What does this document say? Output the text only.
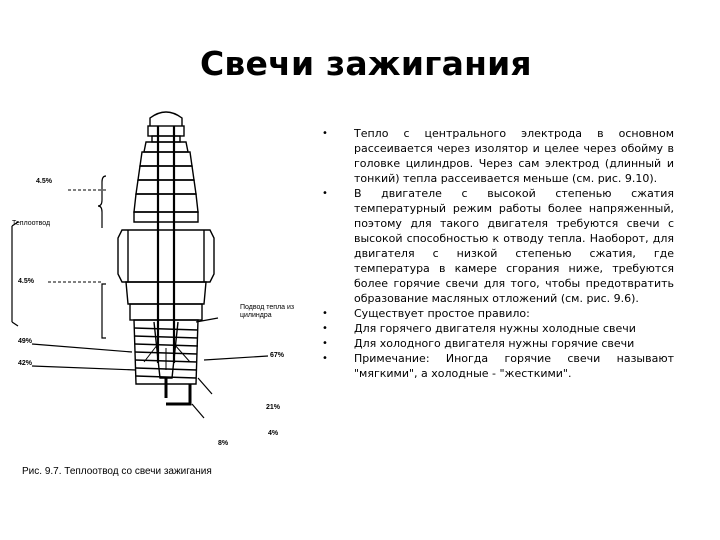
Свечи зажигания
4.5%
Теплоотвод
4.5%
Подвод тепла из цилиндра
49%
42%
67%
21%
4%
8%
Рис. 9.7. Теплоотвод со свечи зажигания
• Тепло с центрального электрода в основном рассеивается через изолятор и целее через обойму в головке цилиндров. Через сам электрод (длинный и тонкий) тепла рассеивается меньше (см. рис. 9.10).
• В двигателе с высокой степенью сжатия температурный режим работы более напряженный, поэтому для такого двигателя требуются свечи с высокой способностью к отводу тепла. Наоборот, для двигателя с низкой степенью сжатия, где температура в камере сгорания ниже, требуются более горячие свечи для того, чтобы предотвратить образование масляных отложений (см. рис. 9.6).
• Существует простое правило:
• Для горячего двигателя нужны холодные свечи
• Для холодного двигателя нужны горячие свечи
• Примечание: Иногда горячие свечи называют "мягкими", а холодные - "жесткими".
